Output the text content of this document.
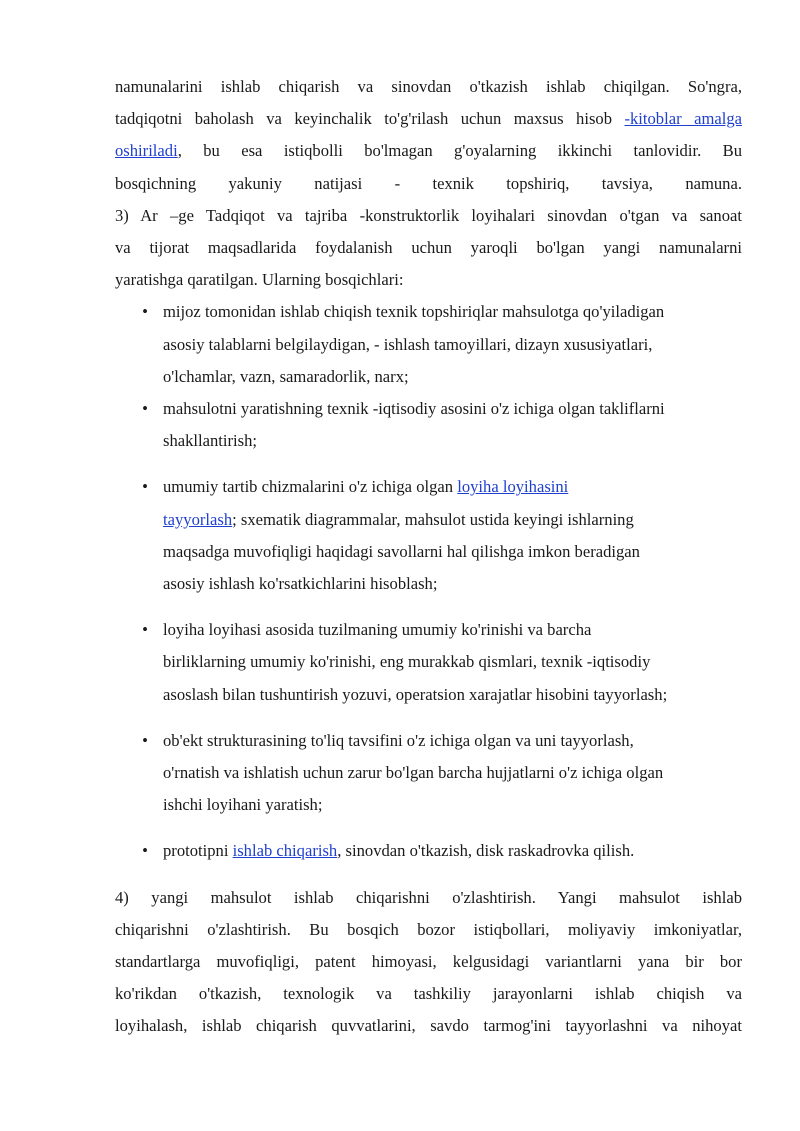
namunalarini ishlab chiqarish va sinovdan o'tkazish ishlab chiqilgan. So'ngra,
tadqiqotni baholash va keyinchalik to'g'rilash uchun maxsus hisob -kitoblar amalga
oshiriladi, bu esa istiqbolli bo'lmagan g'oyalarning ikkinchi tanlovidir. Bu
bosqichning yakuniy natijasi - texnik topshiriq, tavsiya, namuna.
3) Ar –ge Tadqiqot va tajriba -konstruktorlik loyihalari sinovdan o'tgan va sanoat
va tijorat maqsadlarida foydalanish uchun yaroqli bo'lgan yangi namunalarni
yaratishga qaratilgan. Ularning bosqichlari:

• mijoz tomonidan ishlab chiqish texnik topshiriqlar mahsulotga qo'yiladigan
asosiy talablarni belgilaydigan, - ishlash tamoyillari, dizayn xususiyatlari,
o'lchamlar, vazn, samaradorlik, narx;
• mahsulotni yaratishning texnik -iqtisodiy asosini o'z ichiga olgan takliflarni
shakllantirish;
• umumiy tartib chizmalarini o'z ichiga olgan loyiha loyihasini
tayyorlash; sxematik diagrammalar, mahsulot ustida keyingi ishlarning
maqsadga muvofiqligi haqidagi savollarni hal qilishga imkon beradigan
asosiy ishlash ko'rsatkichlarini hisoblash;
• loyiha loyihasi asosida tuzilmaning umumiy ko'rinishi va barcha
birliklarning umumiy ko'rinishi, eng murakkab qismlari, texnik -iqtisodiy
asoslash bilan tushuntirish yozuvi, operatsion xarajatlar hisobini tayyorlash;
• ob'ekt strukturasining to'liq tavsifini o'z ichiga olgan va uni tayyorlash,
o'rnatish va ishlatish uchun zarur bo'lgan barcha hujjatlarni o'z ichiga olgan
ishchi loyihani yaratish;
• prototipni ishlab chiqarish, sinovdan o'tkazish, disk raskadrovka qilish.

4) yangi mahsulot ishlab chiqarishni o'zlashtirish. Yangi mahsulot ishlab
chiqarishni o'zlashtirish. Bu bosqich bozor istiqbollari, moliyaviy imkoniyatlar,
standartlarga muvofiqligi, patent himoyasi, kelgusidagi variantlarni yana bir bor
ko'rikdan o'tkazish, texnologik va tashkiliy jarayonlarni ishlab chiqish va
loyihalash, ishlab chiqarish quvvatlarini, savdo tarmog'ini tayyorlashni va nihoyat
